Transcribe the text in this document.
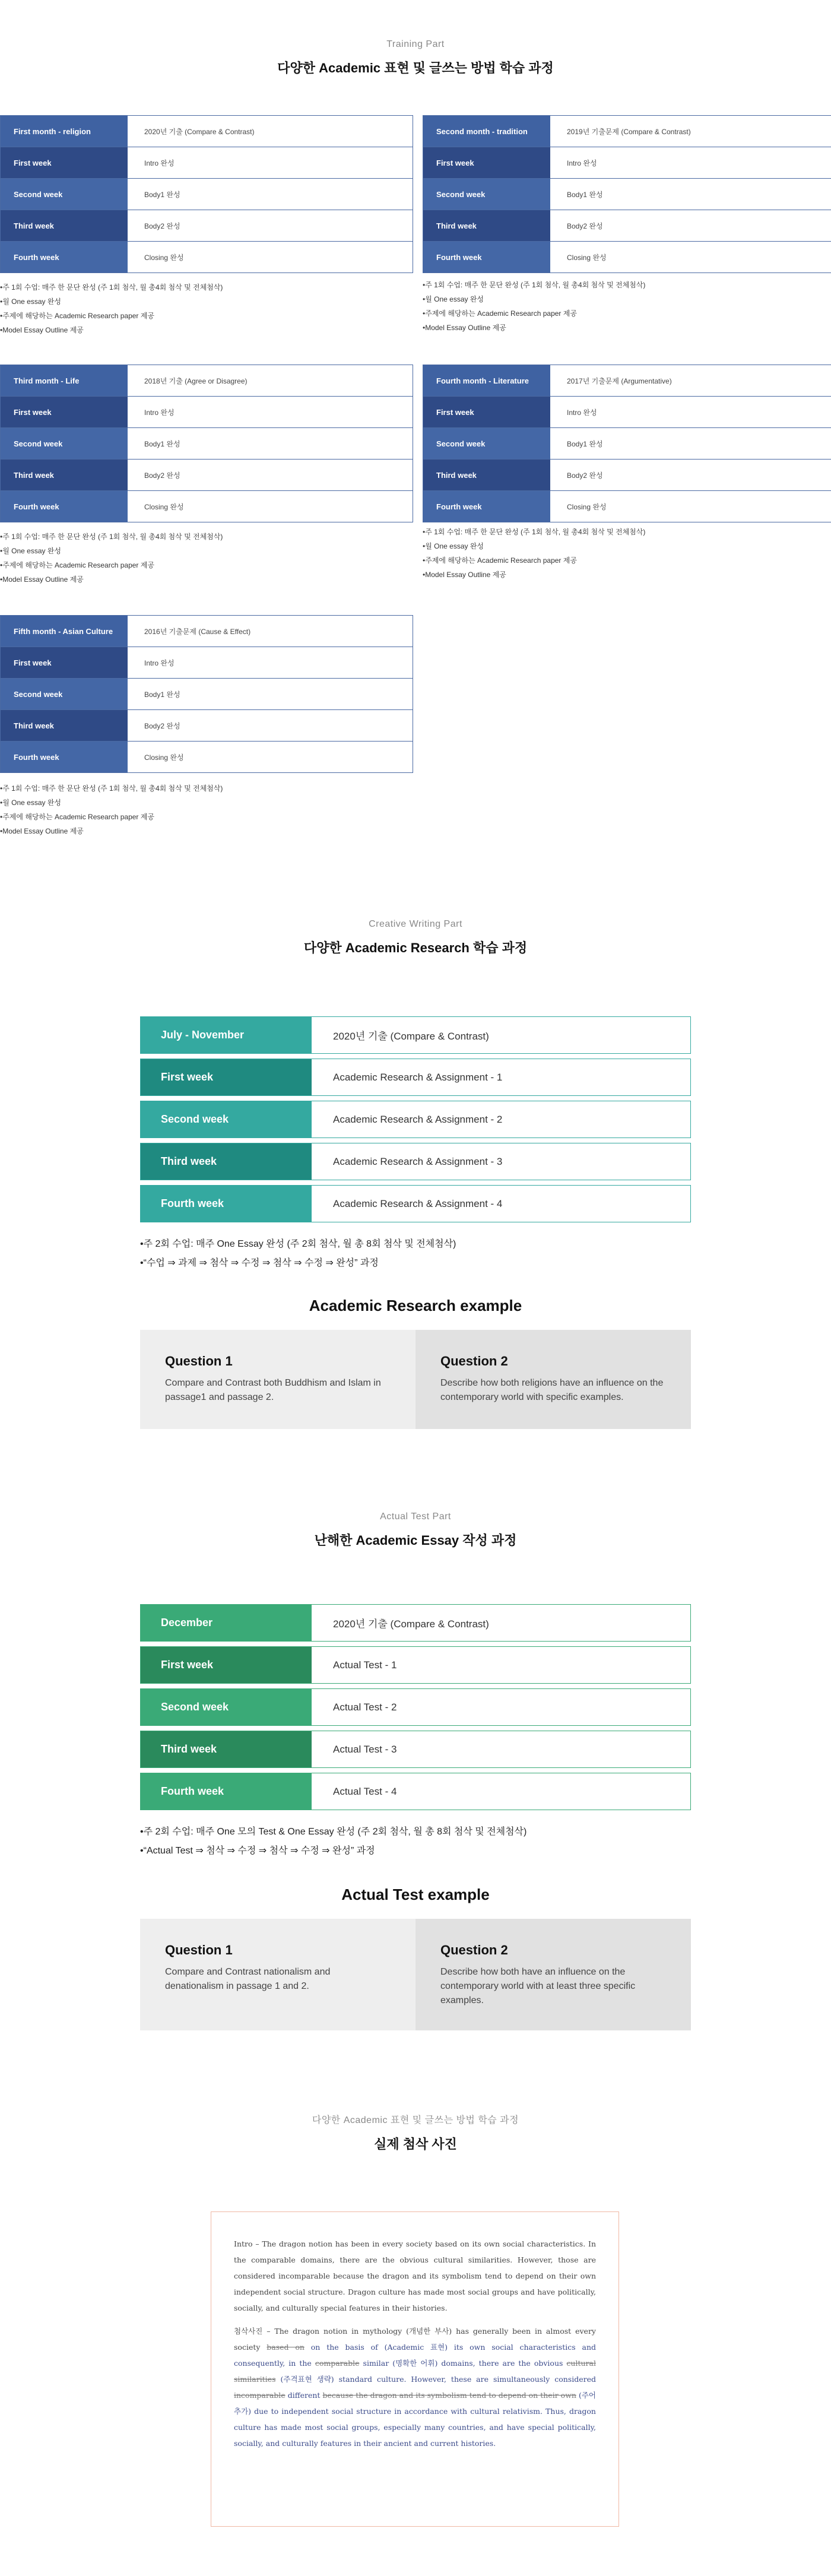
Training Part
다양한 Academic 표현 및 글쓰는 방법 학습 과정
First month - religion	2020년 기출 (Compare & Contrast)
First week	Intro 완성
Second week	Body1 완성
Third week	Body2 완성
Fourth week	Closing 완성
• 주 1회 수업: 매주 한 문단 완성 (주 1회 첨삭, 월 총4회 첨삭 및 전체첨삭)
• 월 One essay 완성
• 주제에 해당하는 Academic Research paper 제공
• Model Essay Outline 제공
Second month - tradition	2019년 기출문제 (Compare & Contrast)
First week	Intro 완성
Second week	Body1 완성
Third week	Body2 완성
Fourth week	Closing 완성
• 주 1회 수업: 매주 한 문단 완성 (주 1회 첨삭, 월 총4회 첨삭 및 전체첨삭)
• 월 One essay 완성
• 주제에 해당하는 Academic Research paper 제공
• Model Essay Outline 제공
Third month - Life	2018년 기출 (Agree or Disagree)
First week	Intro 완성
Second week	Body1 완성
Third week	Body2 완성
Fourth week	Closing 완성
• 주 1회 수업: 매주 한 문단 완성 (주 1회 첨삭, 월 총4회 첨삭 및 전체첨삭)
• 월 One essay 완성
• 주제에 해당하는 Academic Research paper 제공
• Model Essay Outline 제공
Fourth month - Literature	2017년 기출문제 (Argumentative)
First week	Intro 완성
Second week	Body1 완성
Third week	Body2 완성
Fourth week	Closing 완성
• 주 1회 수업: 매주 한 문단 완성 (주 1회 첨삭, 월 총4회 첨삭 및 전체첨삭)
• 월 One essay 완성
• 주제에 해당하는 Academic Research paper 제공
• Model Essay Outline 제공
Fifth month - Asian Culture	2016년 기출문제 (Cause & Effect)
First week	Intro 완성
Second week	Body1 완성
Third week	Body2 완성
Fourth week	Closing 완성
• 주 1회 수업: 매주 한 문단 완성 (주 1회 첨삭, 월 총4회 첨삭 및 전체첨삭)
• 월 One essay 완성
• 주제에 해당하는 Academic Research paper 제공
• Model Essay Outline 제공
Creative Writing Part
다양한 Academic Research 학습 과정
July - November	2020년 기출 (Compare & Contrast)
First week	Academic Research & Assignment - 1
Second week	Academic Research & Assignment - 2
Third week	Academic Research & Assignment - 3
Fourth week	Academic Research & Assignment - 4
• 주 2회 수업: 매주 One Essay 완성 (주 2회 첨삭, 월 총 8회 첨삭 및 전체첨삭)
• “수업 ⇒ 과제 ⇒ 첨삭 ⇒ 수정 ⇒ 첨삭 ⇒ 수정 ⇒ 완성” 과정
Academic Research example
Question 1

Compare and Contrast both Buddhism and Islam in passage1 and passage 2.

Question 2

Describe how both religions have an influence on the contemporary world with specific examples.

Actual Test Part
난해한 Academic Essay 작성 과정
December	2020년 기출 (Compare & Contrast)
First week	Actual Test - 1
Second week	Actual Test - 2
Third week	Actual Test - 3
Fourth week	Actual Test - 4
• 주 2회 수업: 매주 One 모의 Test & One Essay 완성 (주 2회 첨삭, 월 총 8회 첨삭 및 전체첨삭)
• “Actual Test ⇒ 첨삭 ⇒ 수정 ⇒ 첨삭 ⇒ 수정 ⇒ 완성” 과정
Actual Test example
Question 1

Compare and Contrast nationalism and denationalism in passage 1 and 2.

Question 2

Describe how both have an influence on the contemporary world with at least three specific examples.

다양한 Academic 표현 및 글쓰는 방법 학습 과정
실제 첨삭 사진

Intro – The dragon notion has been in every society based on its own social characteristics. In the comparable domains, there are the obvious cultural similarities. However, those are considered incomparable because the dragon and its symbolism tend to depend on their own independent social structure. Dragon culture has made most social groups and have politically, socially, and culturally special features in their histories.

첨삭사진 – The dragon notion in mythology (개념한 부사) has generally been in almost every society based on on the basis of (Academic 표현) its own social characteristics and consequently, in the comparable similar (명확한 어휘) domains, there are the obvious cultural similarities (주격표현 생략) standard culture. However, these are simultaneously considered incomparable different because the dragon and its symbolism tend to depend on their own (주어추가) due to independent social structure in accordance with cultural relativism. Thus, dragon culture has made most social groups, especially many countries, and have special politically, socially, and culturally features in their ancient and current histories.
